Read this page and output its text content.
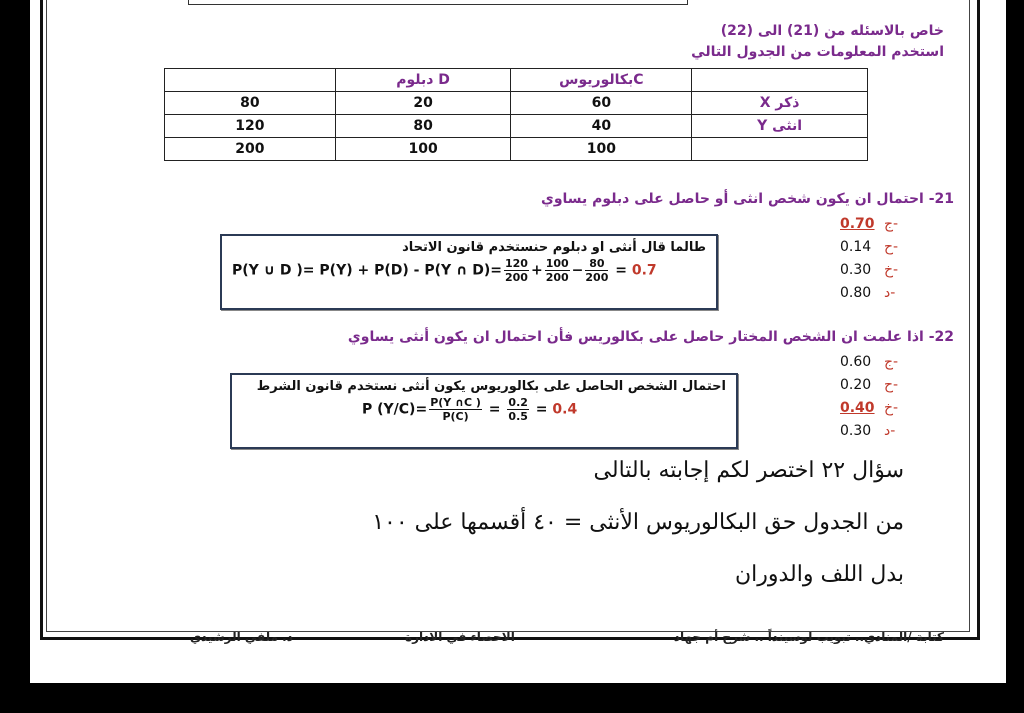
خاص بالاسئله من (21) الى (22)
استخدم المعلومات من الجدول التالي
	دبلوم D	بكالوريوسC	
80	20	60	ذكر X
120	80	40	انثى Y
200	100	100	
21- احتمال ان يكون شخص انثى أو حاصل على دبلوم يساوي
0.70 ج-
0.14 ح-
0.30 خ-
0.80 د-
طالما قال أنثى او دبلوم حنستخدم قانون الاتحاد
P(Y ∪ D )= P(Y) + P(D) - P(Y ∩ $D)= \frac{120}{200} + \frac{100}{200} - \frac{80}{200} = 0.7$
22- اذا علمت ان الشخص المختار حاصل على بكالوريس فأن احتمال ان يكون أنثى يساوي
0.60 ج-
0.20 ح-
0.40 خ-
0.30 د-
احتمال الشخص الحاصل على بكالوريوس يكون أنثى نستخدم قانون الشرط
P $(Y/C)= \frac{P(Y \cap C )}{P(C)} = \frac{0.2}{0.5} = 0.4$
سؤال ٢٢ اختصر لكم إجابته بالتالى
من الجدول حق البكالوريوس الأنثى = ٤٠ أقسمها على ١٠٠
بدل اللف والدوران
د. ملفي الرشيدي	الاحصاء في الادارة	كتابة /المنادي.. تبويب لوسينداً .. شرح أم جهاد
